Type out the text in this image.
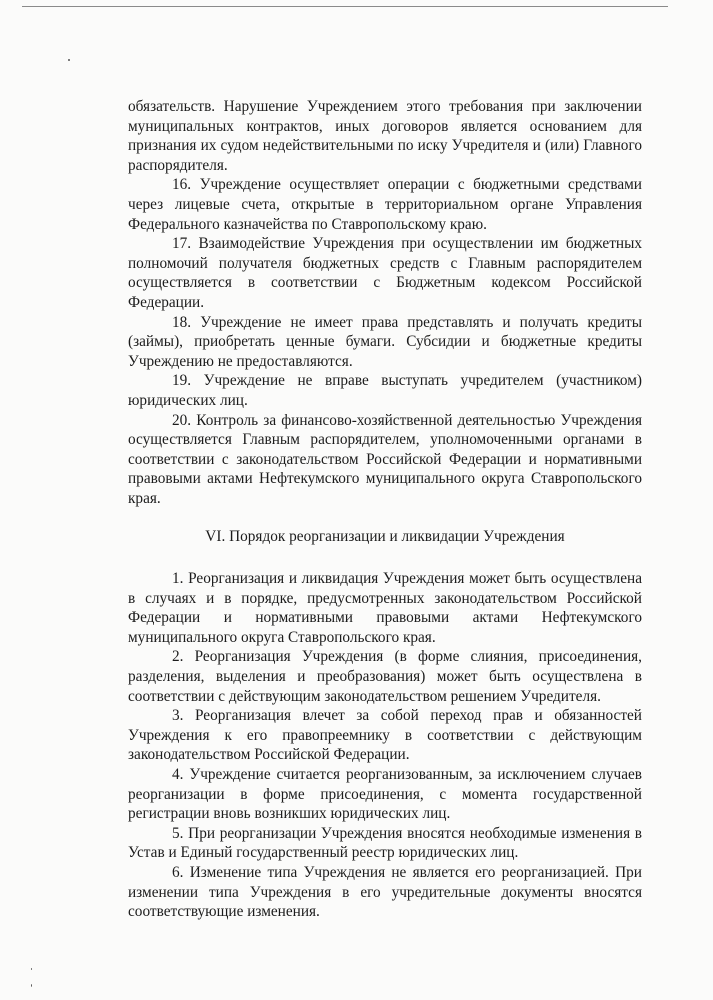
обязательств. Нарушение Учреждением этого требования при заключении муниципальных контрактов, иных договоров является основанием для признания их судом недействительными по иску Учредителя и (или) Главного распорядителя.

16. Учреждение осуществляет операции с бюджетными средствами через лицевые счета, открытые в территориальном органе Управления Федерального казначейства по Ставропольскому краю.

17. Взаимодействие Учреждения при осуществлении им бюджетных полномочий получателя бюджетных средств с Главным распорядителем осуществляется в соответствии с Бюджетным кодексом Российской Федерации.

18. Учреждение не имеет права представлять и получать кредиты (займы), приобретать ценные бумаги. Субсидии и бюджетные кредиты Учреждению не предоставляются.

19. Учреждение не вправе выступать учредителем (участником) юридических лиц.

20. Контроль за финансово-хозяйственной деятельностью Учреждения осуществляется Главным распорядителем, уполномоченными органами в соответствии с законодательством Российской Федерации и нормативными правовыми актами Нефтекумского муниципального округа Ставропольского края.

VI. Порядок реорганизации и ликвидации Учреждения

1. Реорганизация и ликвидация Учреждения может быть осуществлена в случаях и в порядке, предусмотренных законодательством Российской Федерации и нормативными правовыми актами Нефтекумского муниципального округа Ставропольского края.

2. Реорганизация Учреждения (в форме слияния, присоединения, разделения, выделения и преобразования) может быть осуществлена в соответствии с действующим законодательством решением Учредителя.

3. Реорганизация влечет за собой переход прав и обязанностей Учреждения к его правопреемнику в соответствии с действующим законодательством Российской Федерации.

4. Учреждение считается реорганизованным, за исключением случаев реорганизации в форме присоединения, с момента государственной регистрации вновь возникших юридических лиц.

5. При реорганизации Учреждения вносятся необходимые изменения в Устав и Единый государственный реестр юридических лиц.

6. Изменение типа Учреждения не является его реорганизацией. При изменении типа Учреждения в его учредительные документы вносятся соответствующие изменения.
